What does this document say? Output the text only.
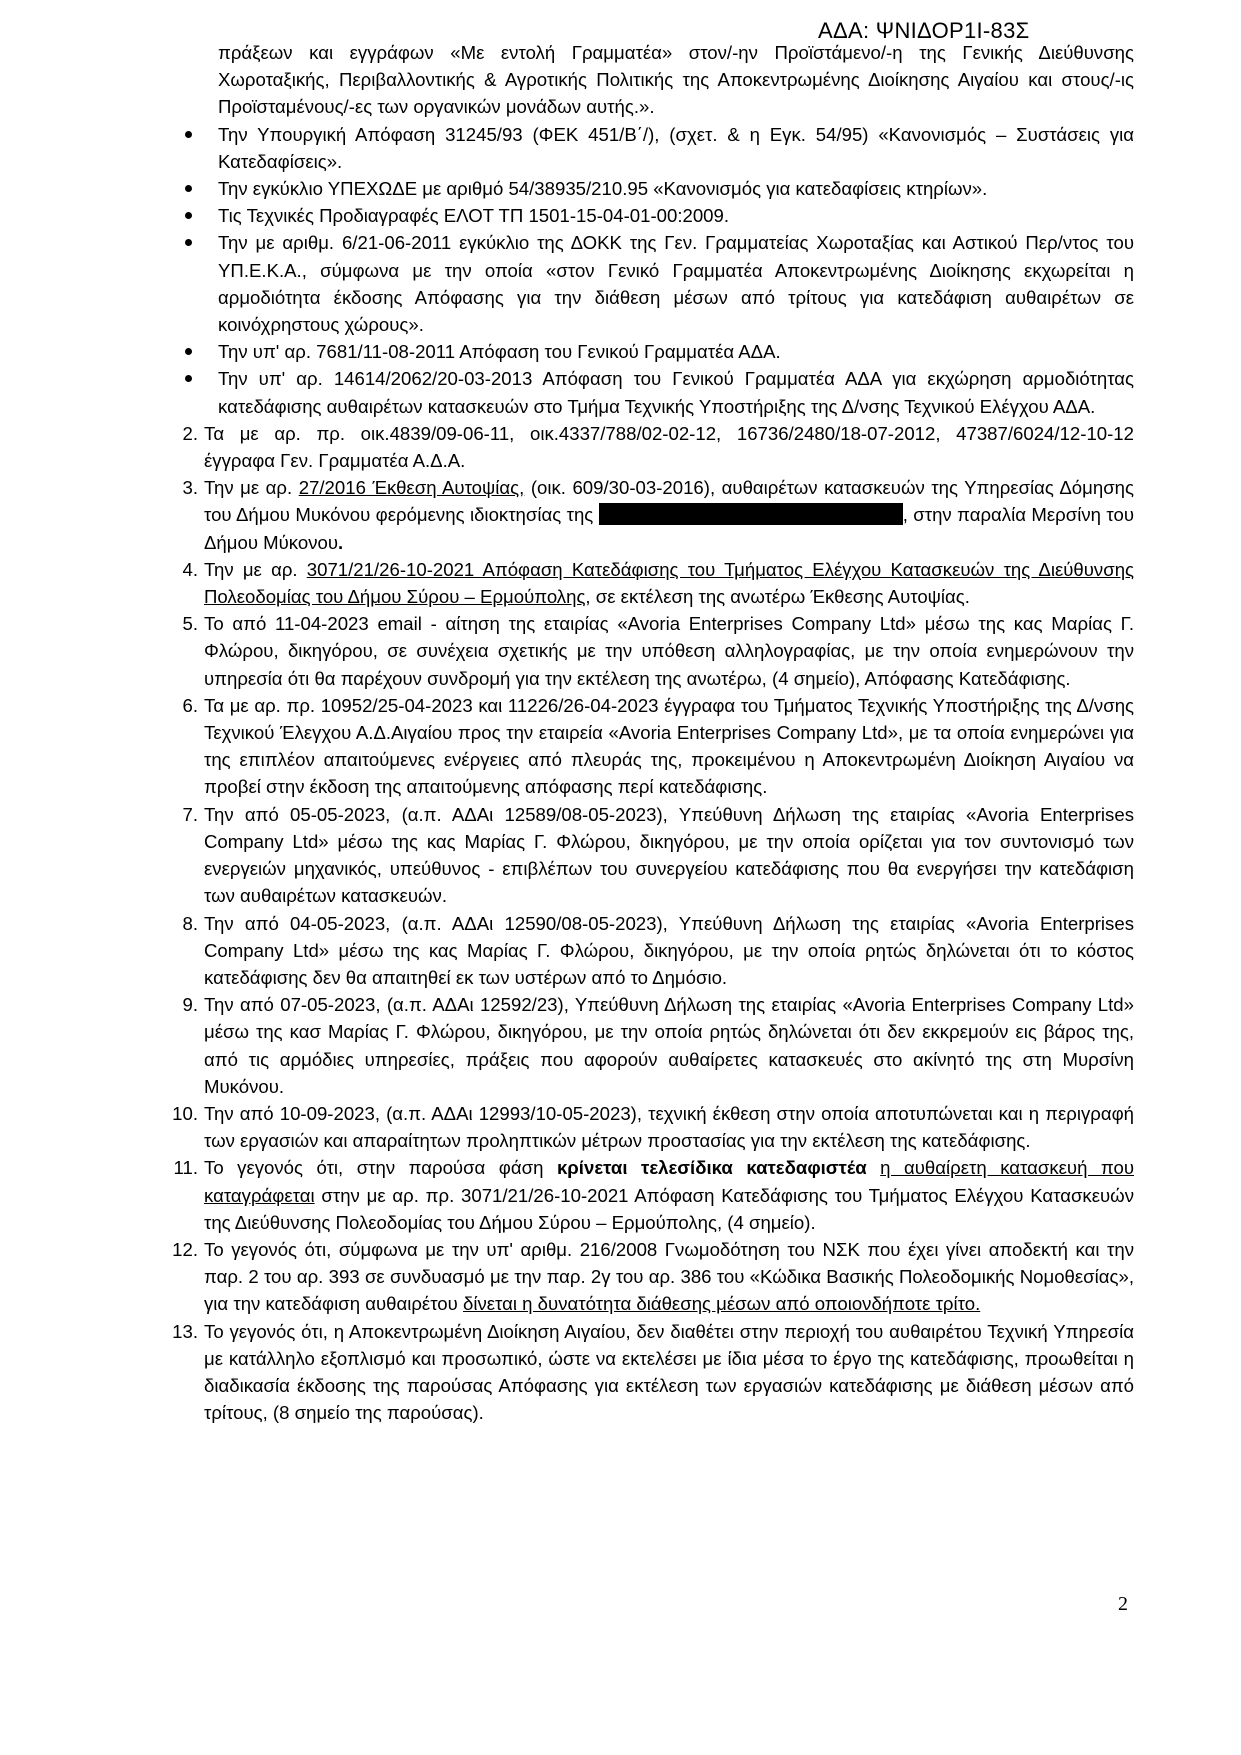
ΑΔΑ: ΨΝΙΔΟΡ1Ι-83Σ
πράξεων και εγγράφων «Με εντολή Γραμματέα» στον/-ην Προϊστάμενο/-η της Γενικής Διεύθυνσης Χωροταξικής, Περιβαλλοντικής & Αγροτικής Πολιτικής της Αποκεντρωμένης Διοίκησης Αιγαίου και στους/-ις Προϊσταμένους/-ες των οργανικών μονάδων αυτής.».
Την Υπουργική Απόφαση 31245/93 (ΦΕΚ 451/Β΄/), (σχετ. & η Εγκ. 54/95) «Κανονισμός – Συστάσεις για Κατεδαφίσεις».
Την εγκύκλιο ΥΠΕΧΩΔΕ με αριθμό 54/38935/210.95 «Κανονισμός για κατεδαφίσεις κτηρίων».
Τις Τεχνικές Προδιαγραφές ΕΛΟΤ ΤΠ 1501-15-04-01-00:2009.
Την με αριθμ. 6/21-06-2011 εγκύκλιο της ΔΟΚΚ της Γεν. Γραμματείας Χωροταξίας και Αστικού Περ/ντος του ΥΠ.Ε.Κ.Α., σύμφωνα με την οποία «στον Γενικό Γραμματέα Αποκεντρωμένης Διοίκησης εκχωρείται η αρμοδιότητα έκδοσης Απόφασης για την διάθεση μέσων από τρίτους για κατεδάφιση αυθαιρέτων σε κοινόχρηστους χώρους».
Την υπ' αρ. 7681/11-08-2011 Απόφαση του Γενικού Γραμματέα ΑΔΑ.
Την υπ' αρ. 14614/2062/20-03-2013 Απόφαση του Γενικού Γραμματέα ΑΔΑ για εκχώρηση αρμοδιότητας κατεδάφισης αυθαιρέτων κατασκευών στο Τμήμα Τεχνικής Υποστήριξης της Δ/νσης Τεχνικού Ελέγχου ΑΔΑ.
2. Τα με αρ. πρ. οικ.4839/09-06-11, οικ.4337/788/02-02-12, 16736/2480/18-07-2012, 47387/6024/12-10-12 έγγραφα Γεν. Γραμματέα Α.Δ.Α.
3. Την με αρ. 27/2016 Έκθεση Αυτοψίας, (οικ. 609/30-03-2016), αυθαιρέτων κατασκευών της Υπηρεσίας Δόμησης του Δήμου Μυκόνου φερόμενης ιδιοκτησίας της	, στην παραλία Μερσίνη του Δήμου Μύκονου.
4. Την με αρ. 3071/21/26-10-2021 Απόφαση Κατεδάφισης του Τμήματος Ελέγχου Κατασκευών της Διεύθυνσης Πολεοδομίας του Δήμου Σύρου – Ερμούπολης, σε εκτέλεση της ανωτέρω Έκθεσης Αυτοψίας.
5. Το από 11-04-2023 email - αίτηση της εταιρίας «Avoria Enterprises Company Ltd» μέσω της κας Μαρίας Γ. Φλώρου, δικηγόρου, σε συνέχεια σχετικής με την υπόθεση αλληλογραφίας, με την οποία ενημερώνουν την υπηρεσία ότι θα παρέχουν συνδρομή για την εκτέλεση της ανωτέρω, (4 σημείο), Απόφασης Κατεδάφισης.
6. Τα με αρ. πρ. 10952/25-04-2023 και 11226/26-04-2023 έγγραφα του Τμήματος Τεχνικής Υποστήριξης της Δ/νσης Τεχνικού Έλεγχου Α.Δ.Αιγαίου προς την εταιρεία «Avoria Enterprises Company Ltd», με τα οποία ενημερώνει για της επιπλέον απαιτούμενες ενέργειες από πλευράς της, προκειμένου η Αποκεντρωμένη Διοίκηση Αιγαίου να προβεί στην έκδοση της απαιτούμενης απόφασης περί κατεδάφισης.
7. Την από 05-05-2023, (α.π. ΑΔΑι 12589/08-05-2023), Υπεύθυνη Δήλωση της εταιρίας «Avoria Enterprises Company Ltd» μέσω της κας Μαρίας Γ. Φλώρου, δικηγόρου, με την οποία ορίζεται για τον συντονισμό των ενεργειών μηχανικός, υπεύθυνος - επιβλέπων του συνεργείου κατεδάφισης που θα ενεργήσει την κατεδάφιση των αυθαιρέτων κατασκευών.
8. Την από 04-05-2023, (α.π. ΑΔΑι 12590/08-05-2023), Υπεύθυνη Δήλωση της εταιρίας «Avoria Enterprises Company Ltd» μέσω της κας Μαρίας Γ. Φλώρου, δικηγόρου, με την οποία ρητώς δηλώνεται ότι το κόστος κατεδάφισης δεν θα απαιτηθεί εκ των υστέρων από το Δημόσιο.
9. Την από 07-05-2023, (α.π. ΑΔΑι 12592/23), Υπεύθυνη Δήλωση της εταιρίας «Avoria Enterprises Company Ltd» μέσω της κασ Μαρίας Γ. Φλώρου, δικηγόρου, με την οποία ρητώς δηλώνεται ότι δεν εκκρεμούν εις βάρος της, από τις αρμόδιες υπηρεσίες, πράξεις που αφορούν αυθαίρετες κατασκευές στο ακίνητό της στη Μυρσίνη Μυκόνου.
10. Την από 10-09-2023, (α.π. ΑΔΑι 12993/10-05-2023), τεχνική έκθεση στην οποία αποτυπώνεται και η περιγραφή των εργασιών και απαραίτητων προληπτικών μέτρων προστασίας για την εκτέλεση της κατεδάφισης.
11. Το γεγονός ότι, στην παρούσα φάση κρίνεται τελεσίδικα κατεδαφιστέα η αυθαίρετη κατασκευή που καταγράφεται στην με αρ. πρ. 3071/21/26-10-2021 Απόφαση Κατεδάφισης του Τμήματος Ελέγχου Κατασκευών της Διεύθυνσης Πολεοδομίας του Δήμου Σύρου – Ερμούπολης, (4 σημείο).
12. Το γεγονός ότι, σύμφωνα με την υπ' αριθμ. 216/2008 Γνωμοδότηση του ΝΣΚ που έχει γίνει αποδεκτή και την παρ. 2 του αρ. 393 σε συνδυασμό με την παρ. 2γ του αρ. 386 του «Κώδικα Βασικής Πολεοδομικής Νομοθεσίας», για την κατεδάφιση αυθαιρέτου δίνεται η δυνατότητα διάθεσης μέσων από οποιονδήποτε τρίτο.
13. Το γεγονός ότι, η Αποκεντρωμένη Διοίκηση Αιγαίου, δεν διαθέτει στην περιοχή του αυθαιρέτου Τεχνική Υπηρεσία με κατάλληλο εξοπλισμό και προσωπικό, ώστε να εκτελέσει με ίδια μέσα το έργο της κατεδάφισης, προωθείται η διαδικασία έκδοσης της παρούσας Απόφασης για εκτέλεση των εργασιών κατεδάφισης με διάθεση μέσων από τρίτους, (8 σημείο της παρούσας).
2
